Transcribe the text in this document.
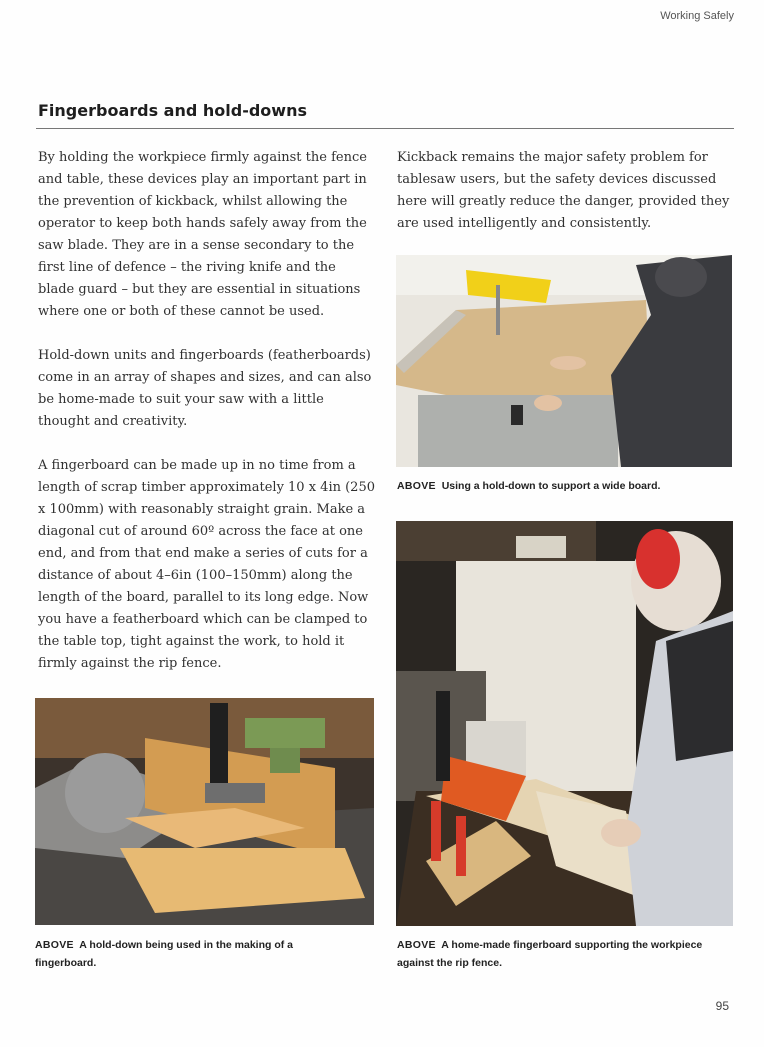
Working Safely
Fingerboards and hold-downs

By holding the workpiece firmly against the fence and table, these devices play an important part in the prevention of kickback, whilst allowing the operator to keep both hands safely away from the saw blade. They are in a sense secondary to the first line of defence – the riving knife and the blade guard – but they are essential in situations where one or both of these cannot be used.

Hold-down units and fingerboards (featherboards) come in an array of shapes and sizes, and can also be home-made to suit your saw with a little thought and creativity.

A fingerboard can be made up in no time from a length of scrap timber approximately 10 x 4in (250 x 100mm) with reasonably straight grain. Make a diagonal cut of around 60º across the face at one end, and from that end make a series of cuts for a distance of about 4–6in (100–150mm) along the length of the board, parallel to its long edge. Now you have a featherboard which can be clamped to the table top, tight against the work, to hold it firmly against the rip fence.

Kickback remains the major safety problem for tablesaw users, but the safety devices discussed here will greatly reduce the danger, provided they are used intelligently and consistently.

ABOVE Using a hold-down to support a wide board.
ABOVE A hold-down being used in the making of a fingerboard.
ABOVE A home-made fingerboard supporting the workpiece against the rip fence.
95
